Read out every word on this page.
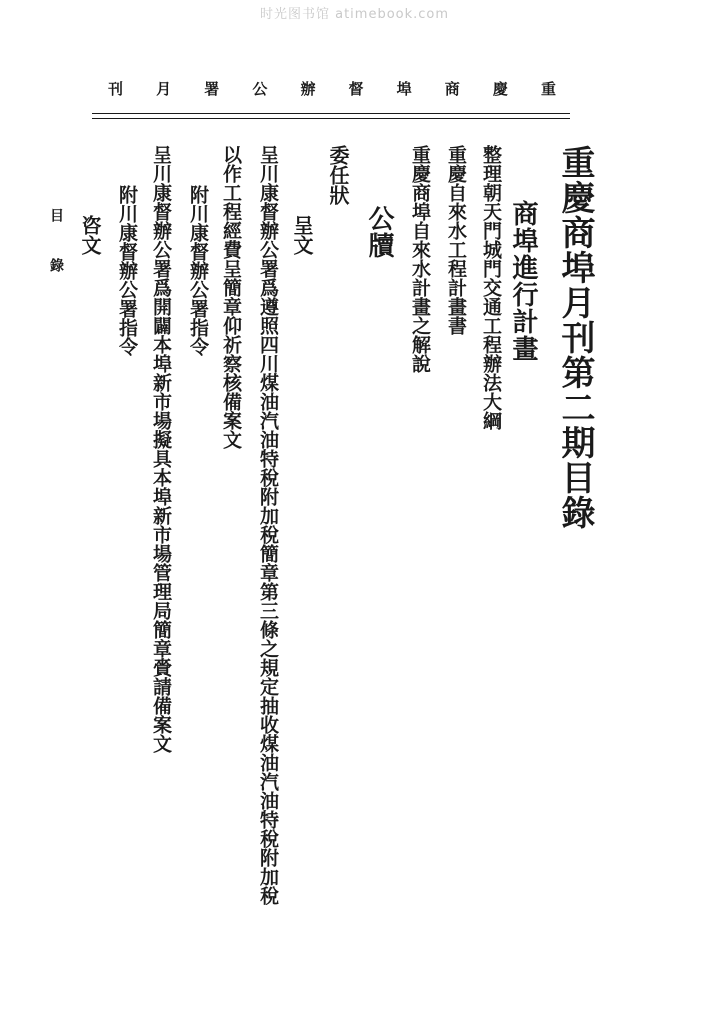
时光图书馆 atimebook.com
重
慶
商
埠
督
辦
公
署
月
刊
重慶商埠月刊第二期目錄
商埠進行計畫
整理朝天門城門交通工程辦法大綱
重慶自來水工程計畫書
重慶商埠自來水計畫之解說
公牘
委任狀
呈文
呈川康督辦公署爲遵照四川煤油汽油特稅附加稅簡章第三條之規定抽收煤油汽油特稅附加稅
以作工程經費呈簡章仰祈察核備案文
附川康督辦公署指令
呈川康督辦公署爲開闢本埠新市場擬具本埠新市場管理局簡章賫請備案文
附川康督辦公署指令
咨文
目錄
